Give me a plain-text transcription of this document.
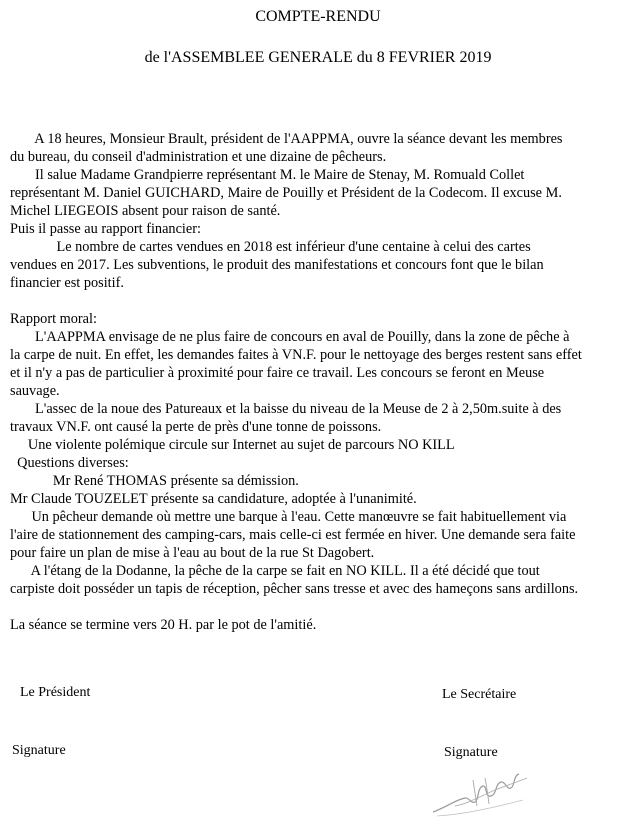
COMPTE-RENDU
de l'ASSEMBLEE GENERALE du 8 FEVRIER 2019

A 18 heures, Monsieur Brault, président de l'AAPPMA, ouvre la séance devant les membres

du bureau, du conseil d'administration et une dizaine de pêcheurs.

Il salue Madame Grandpierre représentant M. le Maire de Stenay, M. Romuald Collet

représentant M. Daniel GUICHARD, Maire de Pouilly et Président de la Codecom. Il excuse M.

Michel LIEGEOIS absent pour raison de santé.

Puis il passe au rapport financier:

Le nombre de cartes vendues en 2018 est inférieur d'une centaine à celui des cartes

vendues en 2017. Les subventions, le produit des manifestations et concours font que le bilan

financier est positif.

Rapport moral:

L'AAPPMA envisage de ne plus faire de concours en aval de Pouilly, dans la zone de pêche à

la carpe de nuit. En effet, les demandes faites à VN.F. pour le nettoyage des berges restent sans effet

et il n'y a pas de particulier à proximité pour faire ce travail. Les concours se feront en Meuse

sauvage.

L'assec de la noue des Patureaux et la baisse du niveau de la Meuse de 2 à 2,50m.suite à des

travaux VN.F. ont causé la perte de près d'une tonne de poissons.

Une violente polémique circule sur Internet au sujet de parcours NO KILL

Questions diverses:

Mr René THOMAS présente sa démission.

Mr Claude TOUZELET présente sa candidature, adoptée à l'unanimité.

Un pêcheur demande où mettre une barque à l'eau. Cette manœuvre se fait habituellement via

l'aire de stationnement des camping-cars, mais celle-ci est fermée en hiver. Une demande sera faite

pour faire un plan de mise à l'eau au bout de la rue St Dagobert.

A l'étang de la Dodanne, la pêche de la carpe se fait en NO KILL. Il a été décidé que tout

carpiste doit posséder un tapis de réception, pêcher sans tresse et avec des hameçons sans ardillons.

La séance se termine vers 20 H. par le pot de l'amitié.

Le Président	Le Secrétaire
Signature	Signature
